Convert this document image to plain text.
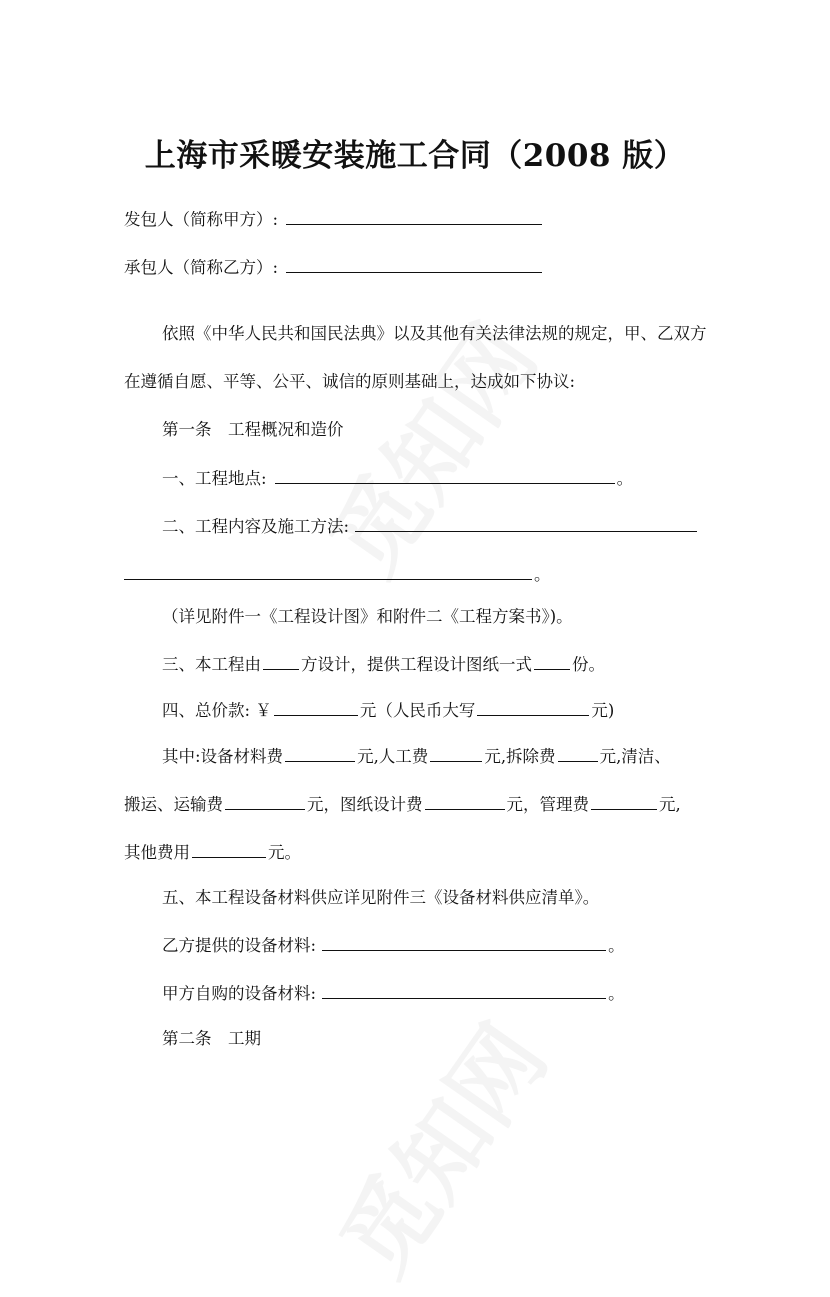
上海市采暖安装施工合同（2008 版）
发包人（简称甲方）:
承包人（简称乙方）:
依照《中华人民共和国民法典》以及其他有关法律法规的规定，甲、乙双方
在遵循自愿、平等、公平、诚信的原则基础上，达成如下协议:
第一条　工程概况和造价
一、工程地点:	。
二、工程内容及施工方法:
。
（详见附件一《工程设计图》和附件二《工程方案书》)。
三、本工程由 方设计，提供工程设计图纸一式 份。
四、总价款: ￥	元（人民币大写	元)
其中:设备材料费	元,人工费	元,拆除费	元,清洁、
搬运、运输费	元，图纸设计费	元，管理费	元,
其他费用	元。
五、本工程设备材料供应详见附件三《设备材料供应清单》。
乙方提供的设备材料:	。
甲方自购的设备材料:	。
第二条　工期
